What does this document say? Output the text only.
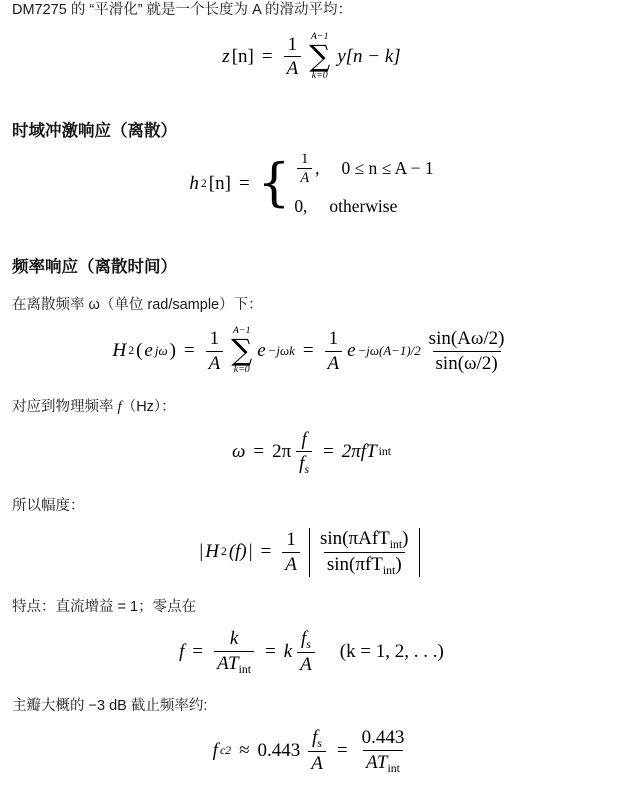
DM7275 的 “平滑化” 就是一个长度为 A 的滑动平均：

z $[n] = \frac{1}{A} A-1$
∑
k=0
y[n − k]
时域冲激响应（离散）
h 2 [n] = { $\frac{1}{A}$ , 0 ≤ n ≤ A − 1
0, otherwise
频率响应（离散时间）

在离散频率 ω（单位 rad/sample）下：

H 2 ( e jω ) = $\frac{1}{A} A-1$
∑
k=0
$e -j\omega k = \frac{1}{A}$ $e -j\omega(A-1)/2 \frac{\sin(A\omega/2)}{\sin(\omega/2)}$

对应到物理频率 f（Hz）：

$\omega = 2\pi \frac{f}{fs} = 2\pi fT$ int

所以幅度：

| H 2 (f) | = $\frac{1}{A} \frac{\sin(\pi AfT_{int})}{\sin(\pi fT_{int})}$

特点：直流增益 = 1；零点在

$f = \frac{k}{AT_{int}} = k \frac{fs}{A} (k = 1$, 2, . . .)

主瓣大概的 −3 dB 截止频率约:

f $c2 \approx 0.443 \frac{fs}{A} = \frac{0.443}{AT_{int}}$
